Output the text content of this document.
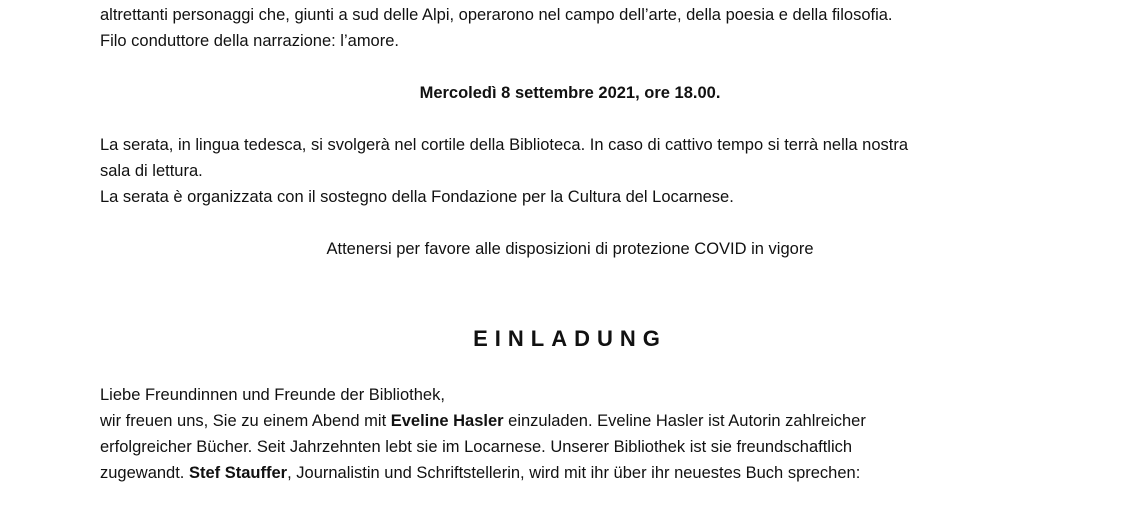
altrettanti personaggi che, giunti a sud delle Alpi, operarono nel campo dell’arte, della poesia e della filosofia.

Filo conduttore della narrazione: l’amore.

Mercoledì 8 settembre 2021, ore 18.00.

La serata, in lingua tedesca, si svolgerà nel cortile della Biblioteca. In caso di cattivo tempo si terrà nella nostra

sala di lettura.

La serata è organizzata con il sostegno della Fondazione per la Cultura del Locarnese.

Attenersi per favore alle disposizioni di protezione COVID in vigore

EINLADUNG

Liebe Freundinnen und Freunde der Bibliothek,

wir freuen uns, Sie zu einem Abend mit Eveline Hasler einzuladen. Eveline Hasler ist Autorin zahlreicher

erfolgreicher Bücher. Seit Jahrzehnten lebt sie im Locarnese. Unserer Bibliothek ist sie freundschaftlich

zugewandt. Stef Stauffer, Journalistin und Schriftstellerin, wird mit ihr über ihr neuestes Buch sprechen:
